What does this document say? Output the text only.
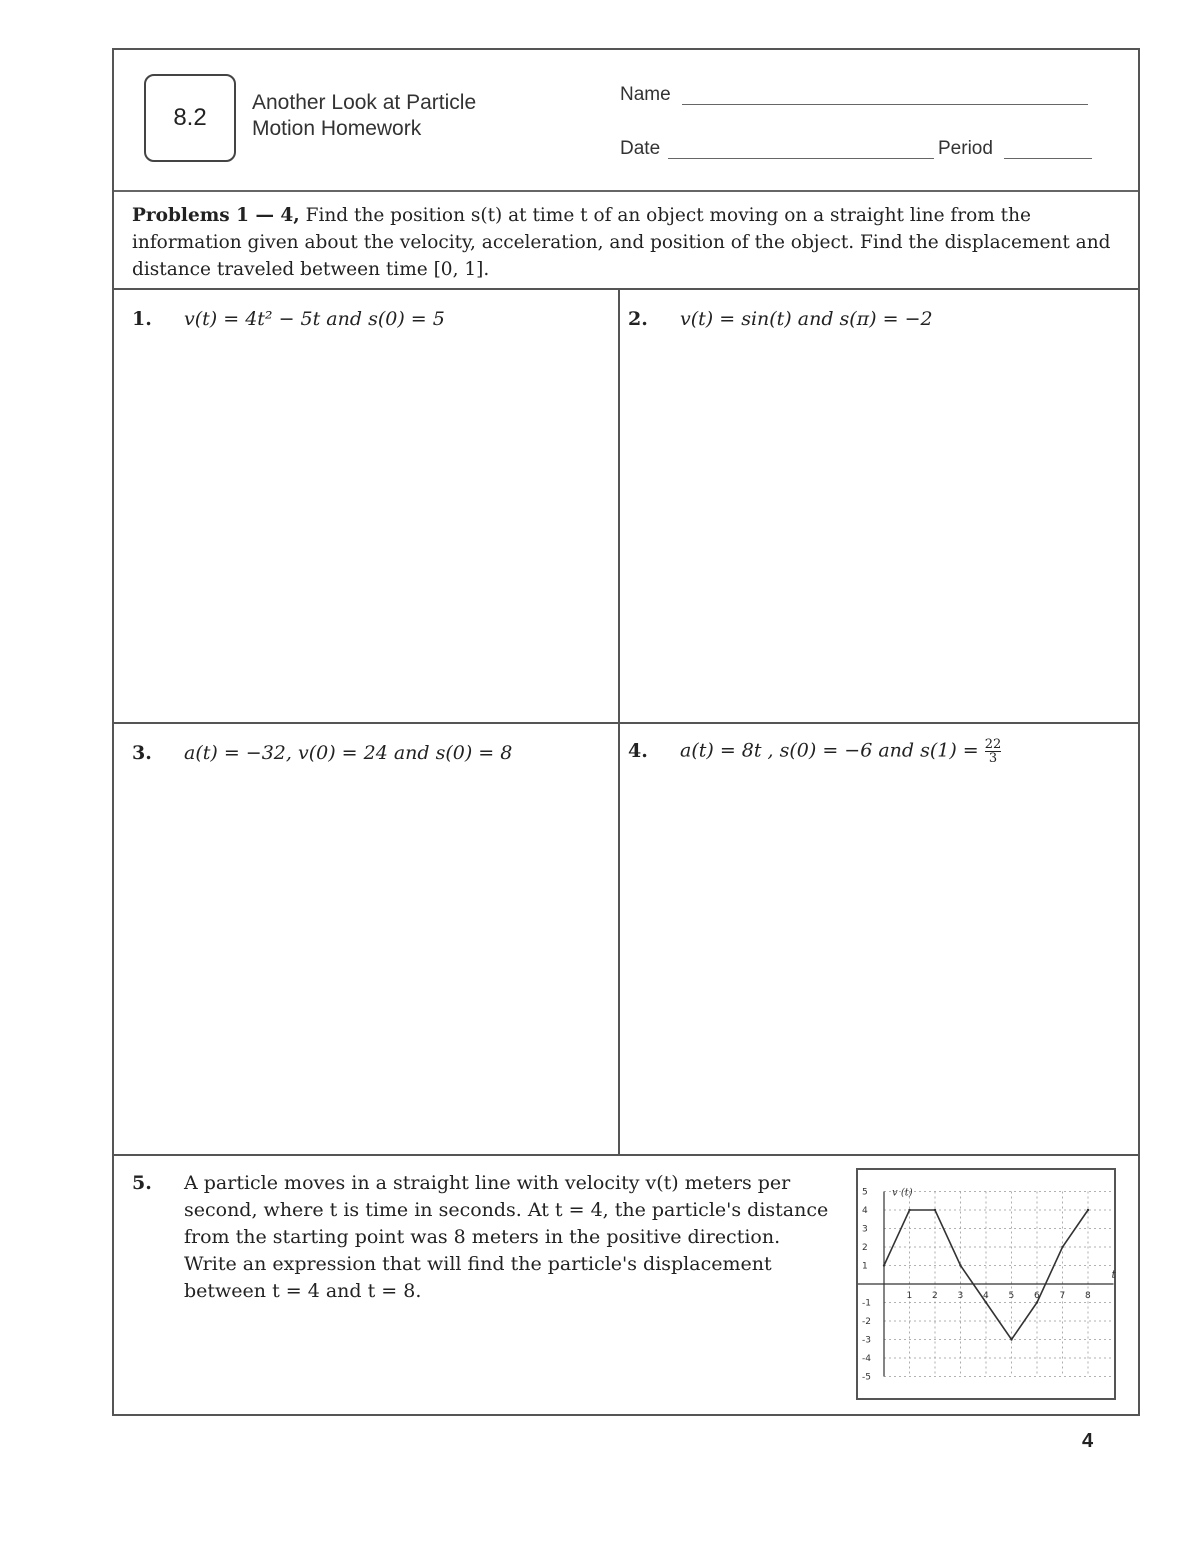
8.2
Another Look at Particle
Motion Homework
Name
Date	Period
Problems 1 — 4, Find the position s(t) at time t of an object moving on a straight line from the information given about the velocity, acceleration, and position of the object. Find the displacement and distance traveled between time [0, 1].
1. v(t) = 4t² − 5t and s(0) = 5	2. v(t) = sin(t) and s(π) = −2
3. a(t) = −32, v(0) = 24 and s(0) = 8	4. a(t) = 8t , s(0) = −6 and $s(1) = \frac{22}{3}$
5.	A particle moves in a straight line with velocity v(t) meters per second, where t is time in seconds. At t = 4, the particle's distance from the starting point was 8 meters in the positive direction. Write an expression that will find the particle's displacement between t = 4 and t = 8.	1 2 3 4 5 6 7 8
5
4
3
2
1
-1
-2
-3
-4
-5
v (t)
t
4
